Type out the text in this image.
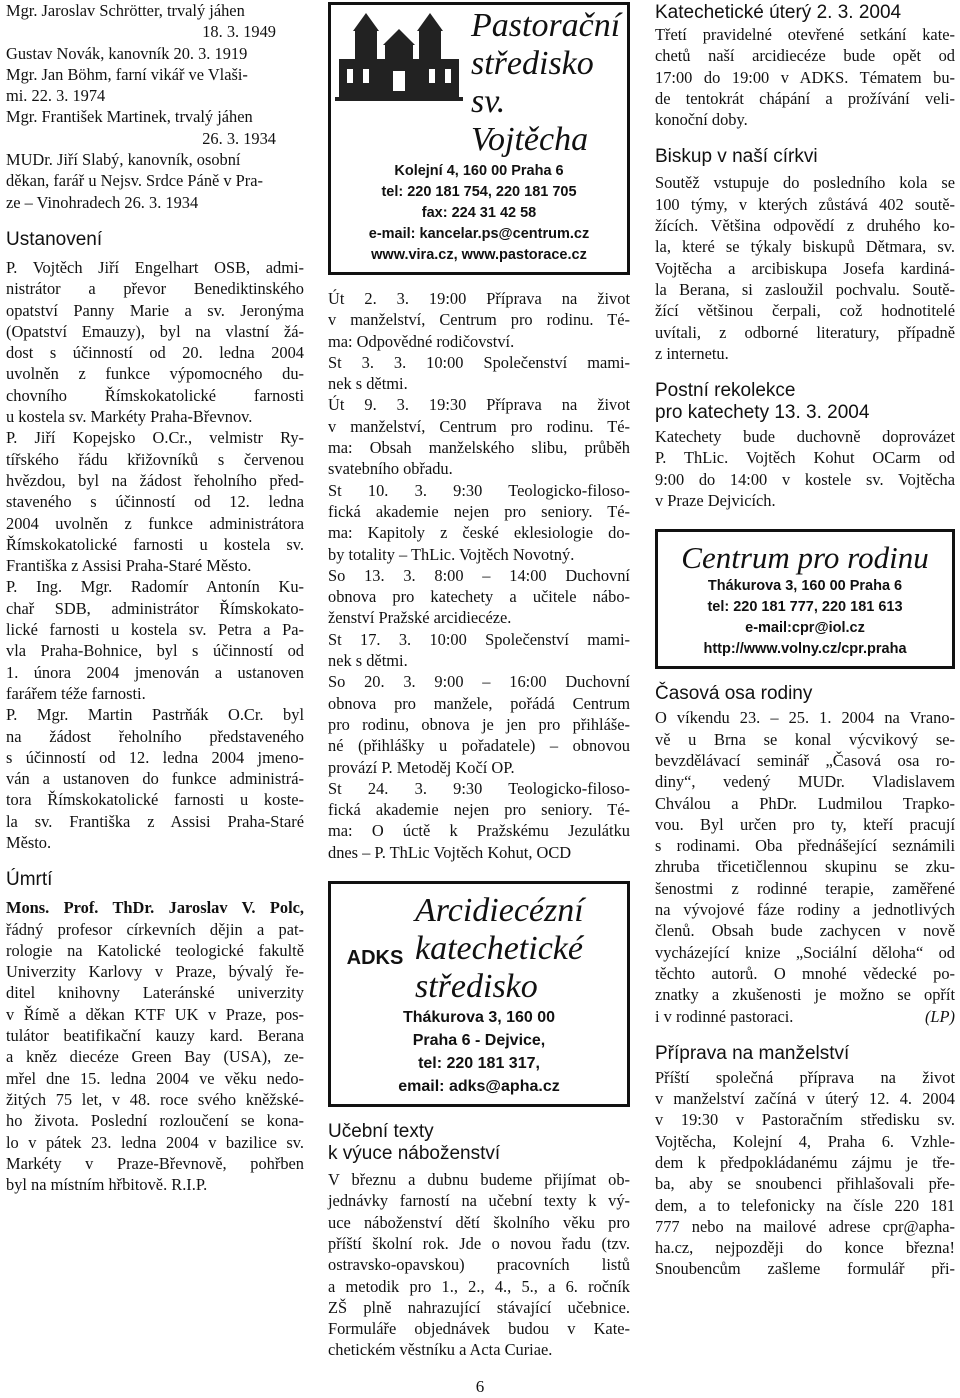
Mgr. Jaroslav Schrötter, trvalý jáhen
18. 3. 1949
Gustav Novák, kanovník 20. 3. 1919
Mgr. Jan Böhm, farní vikář ve Vlaši-
mi. 22. 3. 1974
Mgr. František Martinek, trvalý jáhen
26. 3. 1934
MUDr. Jiří Slabý, kanovník, osobní
děkan, farář u Nejsv. Srdce Páně v Pra-
ze – Vinohradech 26. 3. 1934
Ustanovení
P. Vojtěch Jiří Engelhart OSB, admi-
nistrátor a převor Benediktinského
opatství Panny Marie a sv. Jeronýma
(Opatství Emauzy), byl na vlastní žá-
dost s účinností od 20. ledna 2004
uvolněn z funkce výpomocného du-
chovního Římskokatolické farnosti
u kostela sv. Markéty Praha-Břevnov.
P. Jiří Kopejsko O.Cr., velmistr Ry-
tířského řádu křižovníků s červenou
hvězdou, byl na žádost řeholního před-
staveného s účinností od 12. ledna
2004 uvolněn z funkce administrátora
Římskokatolické farnosti u kostela sv.
Františka z Assisi Praha-Staré Město.
P. Ing. Mgr. Radomír Antonín Ku-
chař SDB, administrátor Římskokato-
lické farnosti u kostela sv. Petra a Pa-
vla Praha-Bohnice, byl s účinností od
1. února 2004 jmenován a ustanoven
farářem téže farnosti.
P. Mgr. Martin Pastrňák O.Cr. byl
na žádost řeholního představeného
s účinností od 12. ledna 2004 jmeno-
ván a ustanoven do funkce administrá-
tora Římskokatolické farnosti u koste-
la sv. Františka z Assisi Praha-Staré
Město.
Úmrtí
Mons. Prof. ThDr. Jaroslav V. Polc,
řádný profesor církevních dějin a pat-
rologie na Katolické teologické fakultě
Univerzity Karlovy v Praze, bývalý ře-
ditel knihovny Lateránské univerzity
v Římě a děkan KTF UK v Praze, pos-
tulátor beatifikační kauzy kard. Berana
a kněz diecéze Green Bay (USA), ze-
mřel dne 15. ledna 2004 ve věku nedo-
žitých 75 let, v 48. roce svého kněžské-
ho života. Poslední rozloučení se kona-
lo v pátek 23. ledna 2004 v bazilice sv.
Markéty v Praze-Břevnově, pohřben
byl na místním hřbitově. R.I.P.
Pastorační
středisko
sv. Vojtěcha
Kolejní 4, 160 00 Praha 6
tel: 220 181 754, 220 181 705
fax: 224 31 42 58
e-mail: kancelar.ps@centrum.cz
www.vira.cz, www.pastorace.cz
Út 2. 3. 19:00 Příprava na život
v manželství, Centrum pro rodinu. Té-
ma: Odpovědné rodičovství.
St 3. 3. 10:00 Společenství mami-
nek s dětmi.
Út 9. 3. 19:30 Příprava na život
v manželství, Centrum pro rodinu. Té-
ma: Obsah manželského slibu, průběh
svatebního obřadu.
St 10. 3. 9:30 Teologicko-filoso-
fická akademie nejen pro seniory. Té-
ma: Kapitoly z české eklesiologie do-
by totality – ThLic. Vojtěch Novotný.
So 13. 3. 8:00 – 14:00 Duchovní
obnova pro katechety a učitele nábo-
ženství Pražské arcidiecéze.
St 17. 3. 10:00 Společenství mami-
nek s dětmi.
So 20. 3. 9:00 – 16:00 Duchovní
obnova pro manžele, pořádá Centrum
pro rodinu, obnova je jen pro přihláše-
né (přihlášky u pořadatele) – obnovou
provází P. Metoděj Kočí OP.
St 24. 3. 9:30 Teologicko-filoso-
fická akademie nejen pro seniory. Té-
ma: O úctě k Pražskému Jezulátku
dnes – P. ThLic Vojtěch Kohut, OCD
ADKS
Arcidiecézní
katechetické
středisko
Thákurova 3, 160 00
Praha 6 - Dejvice,
tel: 220 181 317,
email: adks@apha.cz
Učební texty
k výuce náboženství
V březnu a dubnu budeme přijímat ob-
jednávky farností na učební texty k vý-
uce náboženství dětí školního věku pro
příští školní rok. Jde o novou řadu (tzv.
ostravsko-opavskou) pracovních listů
a metodik pro 1., 2., 4., 5., a 6. ročník
ZŠ plně nahrazující stávající učebnice.
Formuláře objednávek budou v Kate-
chetickém věstníku a Acta Curiae.
Katechetické úterý 2. 3. 2004
Třetí pravidelné otevřené setkání kate-
chetů naší arcidiecéze bude opět od
17:00 do 19:00 v ADKS. Tématem bu-
de tentokrát chápání a prožívání veli-
konoční doby.
Biskup v naší církvi
Soutěž vstupuje do posledního kola se
100 týmy, v kterých zůstává 402 soutě-
žících. Většina odpovědí z druhého ko-
la, které se týkaly biskupů Dětmara, sv.
Vojtěcha a arcibiskupa Josefa kardiná-
la Berana, si zasloužil pochvalu. Soutě-
žící většinou čerpali, což hodnotitelé
uvítali, z odborné literatury, případně
z internetu.
Postní rekolekce
pro katechety 13. 3. 2004
Katechety bude duchovně doprovázet
P. ThLic. Vojtěch Kohut OCarm od
9:00 do 14:00 v kostele sv. Vojtěcha
v Praze Dejvicích.
Centrum pro rodinu
Thákurova 3, 160 00 Praha 6
tel: 220 181 777, 220 181 613
e-mail:cpr@iol.cz
http://www.volny.cz/cpr.praha
Časová osa rodiny
O víkendu 23. – 25. 1. 2004 na Vrano-
vě u Brna se konal výcvikový se-
bevzdělávací seminář „Časová osa ro-
diny“, vedený MUDr. Vladislavem
Chválou a PhDr. Ludmilou Trapko-
vou. Byl určen pro ty, kteří pracují
s rodinami. Oba přednášející seznámili
zhruba třicetičlennou skupinu se zku-
šenostmi z rodinné terapie, zaměřené
na vývojové fáze rodiny a jednotlivých
členů. Obsah bude zachycen v nově
vycházející knize „Sociální děloha“ od
těchto autorů. O mnohé vědecké po-
znatky a zkušenosti je možno se opřít
i v rodinné pastoraci.	(LP)
Příprava na manželství
Příští společná příprava na život
v manželství začíná v úterý 12. 4. 2004
v 19:30 v Pastoračním středisku sv.
Vojtěcha, Kolejní 4, Praha 6. Vzhle-
dem k předpokládanému zájmu je tře-
ba, aby se snoubenci přihlašovali pře-
dem, a to telefonicky na čísle 220 181
777 nebo na mailové adrese cpr@apha-
ha.cz, nejpozději do konce března!
Snoubencům zašleme formulář při-
6
